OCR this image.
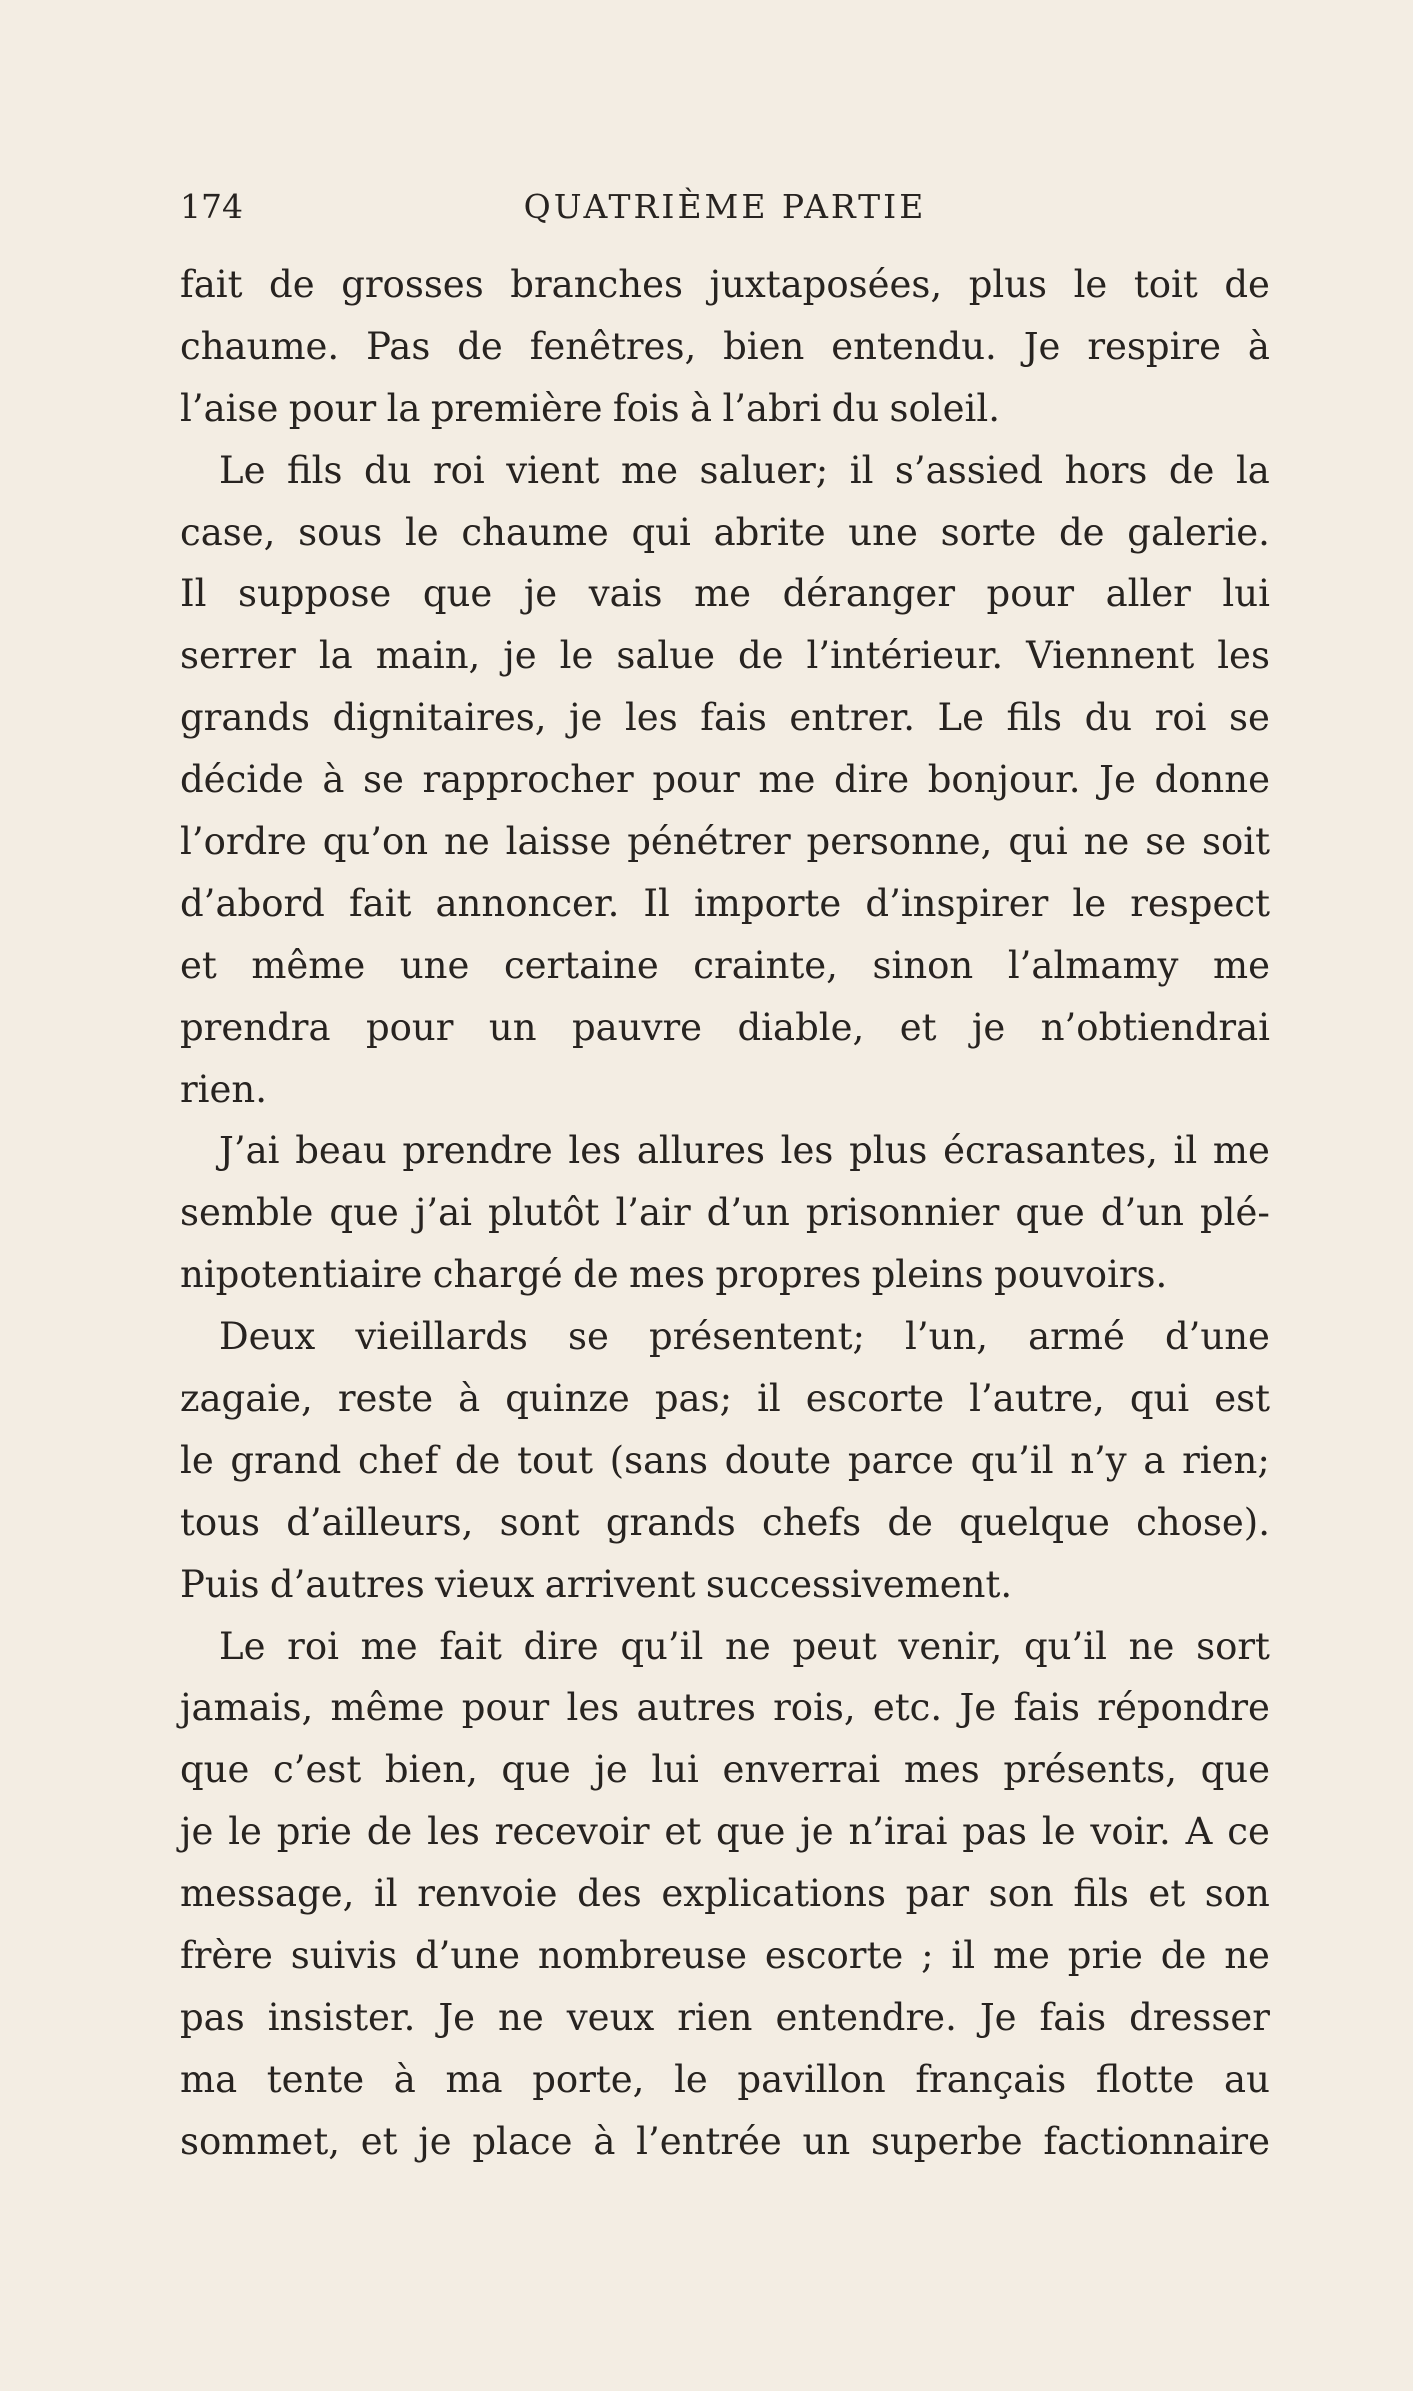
174	QUATRIÈME PARTIE
fait de grosses branches juxtaposées, plus le toit de
chaume. Pas de fenêtres, bien entendu. Je respire à
l’aise pour la première fois à l’abri du soleil.
Le fils du roi vient me saluer; il s’assied hors de la
case, sous le chaume qui abrite une sorte de galerie.
Il suppose que je vais me déranger pour aller lui
serrer la main, je le salue de l’intérieur. Viennent les
grands dignitaires, je les fais entrer. Le fils du roi se
décide à se rapprocher pour me dire bonjour. Je donne
l’ordre qu’on ne laisse pénétrer personne, qui ne se soit
d’abord fait annoncer. Il importe d’inspirer le respect
et même une certaine crainte, sinon l’almamy me
prendra pour un pauvre diable, et je n’obtiendrai
rien.
J’ai beau prendre les allures les plus écrasantes, il me
semble que j’ai plutôt l’air d’un prisonnier que d’un plé-
nipotentiaire chargé de mes propres pleins pouvoirs.
Deux vieillards se présentent; l’un, armé d’une
zagaie, reste à quinze pas; il escorte l’autre, qui est
le grand chef de tout (sans doute parce qu’il n’y a rien;
tous d’ailleurs, sont grands chefs de quelque chose).
Puis d’autres vieux arrivent successivement.
Le roi me fait dire qu’il ne peut venir, qu’il ne sort
jamais, même pour les autres rois, etc. Je fais répondre
que c’est bien, que je lui enverrai mes présents, que
je le prie de les recevoir et que je n’irai pas le voir. A ce
message, il renvoie des explications par son fils et son
frère suivis d’une nombreuse escorte ; il me prie de ne
pas insister. Je ne veux rien entendre. Je fais dresser
ma tente à ma porte, le pavillon français flotte au
sommet, et je place à l’entrée un superbe factionnaire
